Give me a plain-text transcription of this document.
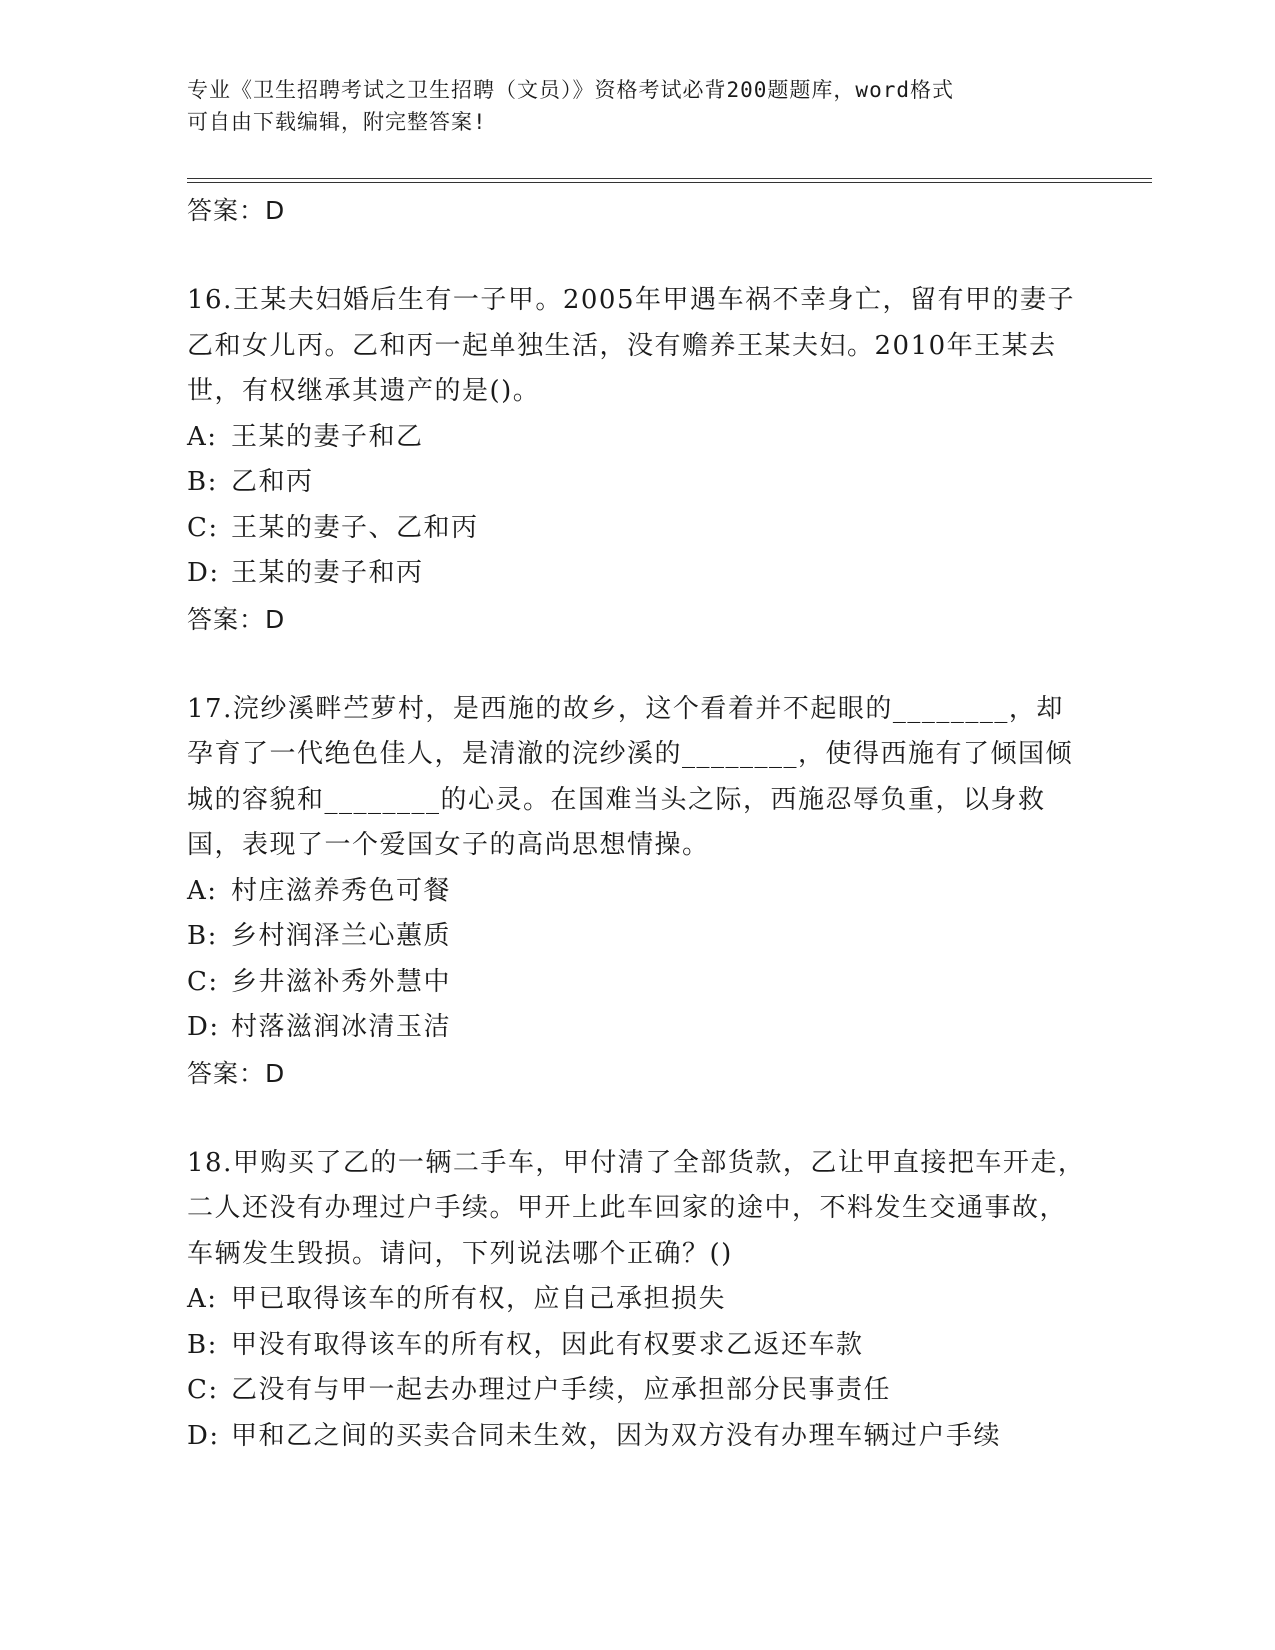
专业《卫生招聘考试之卫生招聘（文员）》资格考试必背200题题库，word格式
可自由下载编辑，附完整答案!
答案：D
16.王某夫妇婚后生有一子甲。2005年甲遇车祸不幸身亡，留有甲的妻子乙和女儿丙。乙和丙一起单独生活，没有赡养王某夫妇。2010年王某去世，有权继承其遗产的是()。
A: 王某的妻子和乙
B: 乙和丙
C: 王某的妻子、乙和丙
D: 王某的妻子和丙
答案：D
17.浣纱溪畔苎萝村，是西施的故乡，这个看着并不起眼的________，却孕育了一代绝色佳人，是清澈的浣纱溪的________，使得西施有了倾国倾城的容貌和________的心灵。在国难当头之际，西施忍辱负重，以身救国，表现了一个爱国女子的高尚思想情操。
A: 村庄滋养秀色可餐
B: 乡村润泽兰心蕙质
C: 乡井滋补秀外慧中
D: 村落滋润冰清玉洁
答案：D
18.甲购买了乙的一辆二手车，甲付清了全部货款，乙让甲直接把车开走，二人还没有办理过户手续。甲开上此车回家的途中，不料发生交通事故，车辆发生毁损。请问，下列说法哪个正确？()
A: 甲已取得该车的所有权，应自己承担损失
B: 甲没有取得该车的所有权，因此有权要求乙返还车款
C: 乙没有与甲一起去办理过户手续，应承担部分民事责任
D: 甲和乙之间的买卖合同未生效，因为双方没有办理车辆过户手续
